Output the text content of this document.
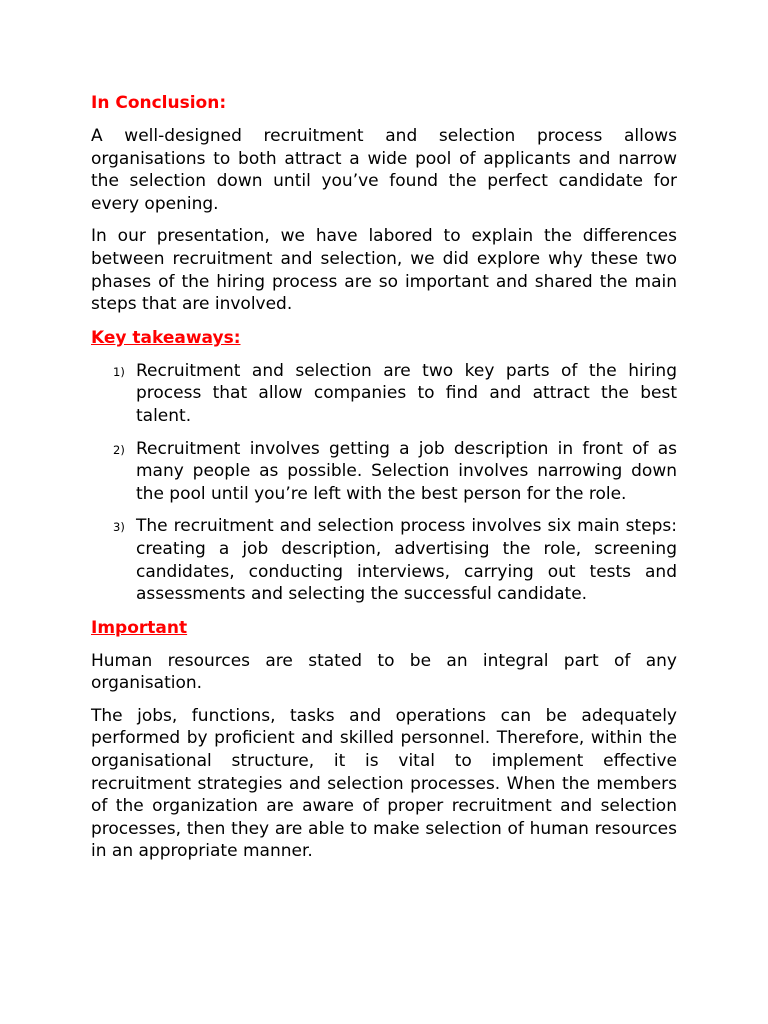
In Conclusion:

A well-designed recruitment and selection process allows organisations to both attract a wide pool of applicants and narrow the selection down until you’ve found the perfect candidate for every opening.

In our presentation, we have labored to explain the differences between recruitment and selection, we did explore why these two phases of the hiring process are so important and shared the main steps that are involved.

Key takeaways:
1) Recruitment and selection are two key parts of the hiring process that allow companies to find and attract the best talent.
2) Recruitment involves getting a job description in front of as many people as possible. Selection involves narrowing down the pool until you’re left with the best person for the role.
3) The recruitment and selection process involves six main steps: creating a job description, advertising the role, screening candidates, conducting interviews, carrying out tests and assessments and selecting the successful candidate.
Important

Human resources are stated to be an integral part of any organisation.

The jobs, functions, tasks and operations can be adequately performed by proficient and skilled personnel. Therefore, within the organisational structure, it is vital to implement effective recruitment strategies and selection processes. When the members of the organization are aware of proper recruitment and selection processes, then they are able to make selection of human resources in an appropriate manner.
